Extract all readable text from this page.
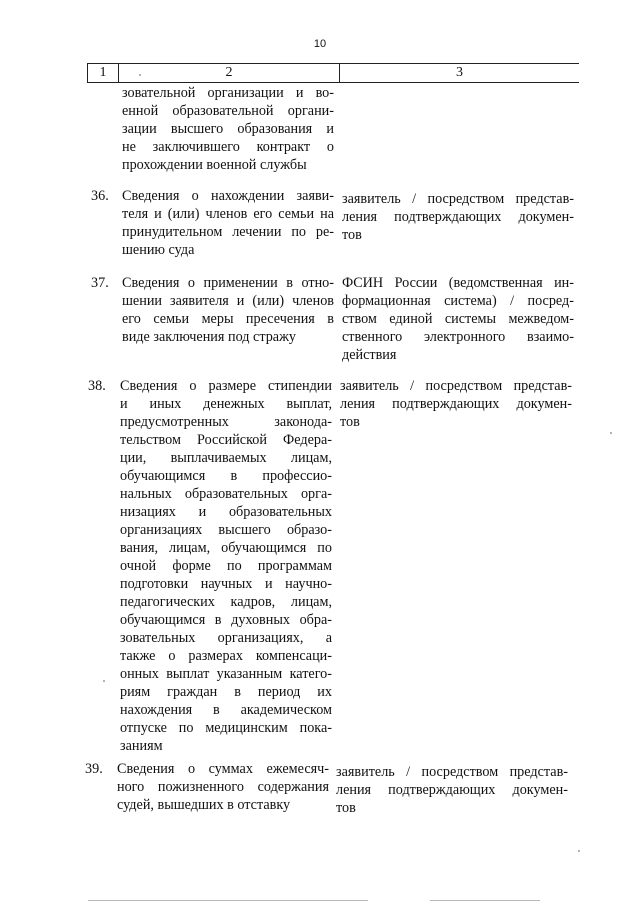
10
1	2	3
зовательной организации и во-
енной образовательной органи-
зации высшего образования и
не заключившего контракт о
прохождении военной службы
36. Сведения о нахождении заяви-
теля и (или) членов его семьи на
принудительном лечении по ре-
шению суда
заявитель / посредством представ-
ления подтверждающих докумен-
тов
37. Сведения о применении в отно-
шении заявителя и (или) членов
его семьи меры пресечения в
виде заключения под стражу
ФСИН России (ведомственная ин-
формационная система) / посред-
ством единой системы межведом-
ственного электронного взаимо-
действия
38. Сведения о размере стипендии
и иных денежных выплат,
предусмотренных законода-
тельством Российской Федера-
ции, выплачиваемых лицам,
обучающимся в профессио-
нальных образовательных орга-
низациях и образовательных
организациях высшего образо-
вания, лицам, обучающимся по
очной форме по программам
подготовки научных и научно-
педагогических кадров, лицам,
обучающимся в духовных обра-
зовательных организациях, а
также о размерах компенсаци-
онных выплат указанным катего-
риям граждан в период их
нахождения в академическом
отпуске по медицинским пока-
заниям
заявитель / посредством представ-
ления подтверждающих докумен-
тов
39. Сведения о суммах ежемесяч-
ного пожизненного содержания
судей, вышедших в отставку
заявитель / посредством представ-
ления подтверждающих докумен-
тов
